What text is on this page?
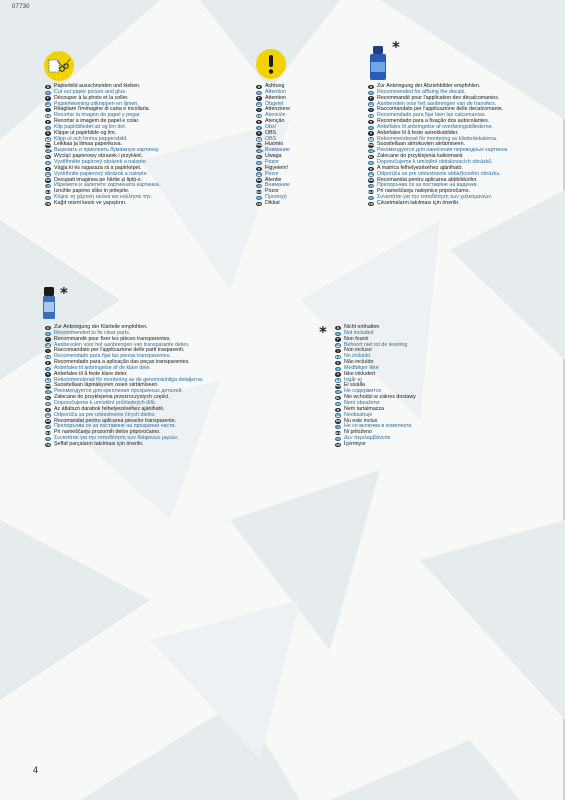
07730
D Papierbild ausschneiden und kleben.
GB Cut out paper picture and glue.
F Découper à la photo et la coller.
NL Papierlekening uitknippen en lijmen.
I	Ritagliare l'immagine di carta e incollarla.
E Recortar la imagen de papel y pegar.
P Recortar a imagem de papel e colar.
DK Klip papirbilledet ud og lim det.
S Klippe ut papirbilde og lim.
N Klipp ut och limma pappersbild.
FIN Leikkaa ja liimaa paperikuva.
RUS Вырезать и приклеить бумажную картинку.
PL Wyciąć papierowy obrazek i przykleić.
CZ Vystřihněte papírový obrázek a nalepte.
H Vágja ki és ragassza rá a papírképet.
SK Vystrihnite papierový obrázok a nalepte.
RO Decupati imaginea pe hârtie și lipiți-o.
BG Изрежете и залепете хартиената картинка.
SLO Izrežite papirno sliko in prilepite.
GR Κόψτε τη χάρτινη εικόνα και κολλήστε την.
TR Kağıt resmi kesin ve yapıştırın.
D Achtung
GB Attention
F Attention
NL Obgelet
I	Attenzione
E Atención
P Atenção
DK Obs!
S OBS
N OBS
FIN Huomio
RUS Внимание
PL Uwaga
CZ Pozor
H Figyelem!
SK Pozor
RO Atentie
BG Внимание
SLO Pozor
GR Προσοχή
TR Dikkat
*
D Zur Anbringung der Abziehbilder empfohlen.
GB Recommended for affixing the decals.
F Recommandé pour l'application des décalcomanies.
NL Aanbevolen voor het aanbrengen van de transfers.
I	Raccomandato per l'applicazione delle decalcomanie.
E Recomendado para fijar bien las calcomanías.
P Recomendado para a fixação dos autocolantes.
DK Anbefales til anbringelse af overføringsbillederne.
S Anbefales til å feste avtrekksbilder.
N Rekommenderad för montering av klisterdekalerna.
FIN Suositellaan siirtokuvien siirtämiseen.
RUS Рекомендуется для нанесения переводных картинок.
PL Zalecane do przyklejenia kalkomanii.
CZ Doporučujeme k umístění obtiskovacích obrázků.
H A matrica felhelyezéséhez ajánlható.
SK Odporúča sa pre umiestnenie obtlačkového obrázku.
RO Recomandat pentru aplicarea abțibildurilor.
BG Препоръчва се за поставяне на ваденки.
SLO Pri nameščanju nalepnice priporočamo.
GR Συνιστάται για την τοποθέτηση των χαλκομανιών.
TR Çıkartmaların takılması için önerilir.
*
D Zur Anbringung der Klarteile empfohlen.
GB Recommended to fix clear parts.
F Recommandé pour fixer les pièces transparentes.
NL Aanbevolen voor het aanbrengen van transparante delen.
I	Raccomandato per l'applicazione delle parti trasparenti.
E Recomendado para fijar las piezas transparentes.
P Recomendado para a aplicação das peças transparentes.
DK Anbefales til anbringelse af de klare dele.
S Anbefales til å feste klare deler.
N Rekommenderad för montering av de genomskinliga detaljerna.
FIN Suositellaan läpinäkyvien osien siirtämiseen.
RUS Рекомендуется для крепления прозрачных деталей.
PL Zalecane do przyklejenia przezroczystych części.
CZ Doporučujeme k umístění průhledných dílů.
H Az átlátszó darabok felhelyezéséhez ajánlható.
SK Odporúča sa pre umiestnenie čírych dielov.
RO Recomandat pentru aplicarea pieselor transparente.
BG Препоръчва се за поставяне на прозрачни части.
SLO Pri nameščanju prozornih delov priporočamo.
GR Συνιστάται για την τοποθέτηση των διάφανων μερών.
TR Şeffaf parçaların takılması için önerilir.
*	D Nicht enthalten
GB Not included
F Non fourni
NL Behoort niet tot de levering
I	Non incluso
E No incluido
P Não incluído
DK Medfølger ikke
S Ikke inkludert
N Ingår ej
FIN Ei sisälla
RUS Не содержится
PL Nie wchodzi w zakres dostawy
CZ Není obsaženo
H Nem tartalmazza
SK Neobsahuje
RO Nu este inclus
BG Не се включва в комплекта
SLO Ni priloženo
GR Δεν περιλαμβάνεται
TR İçermiyor
4
